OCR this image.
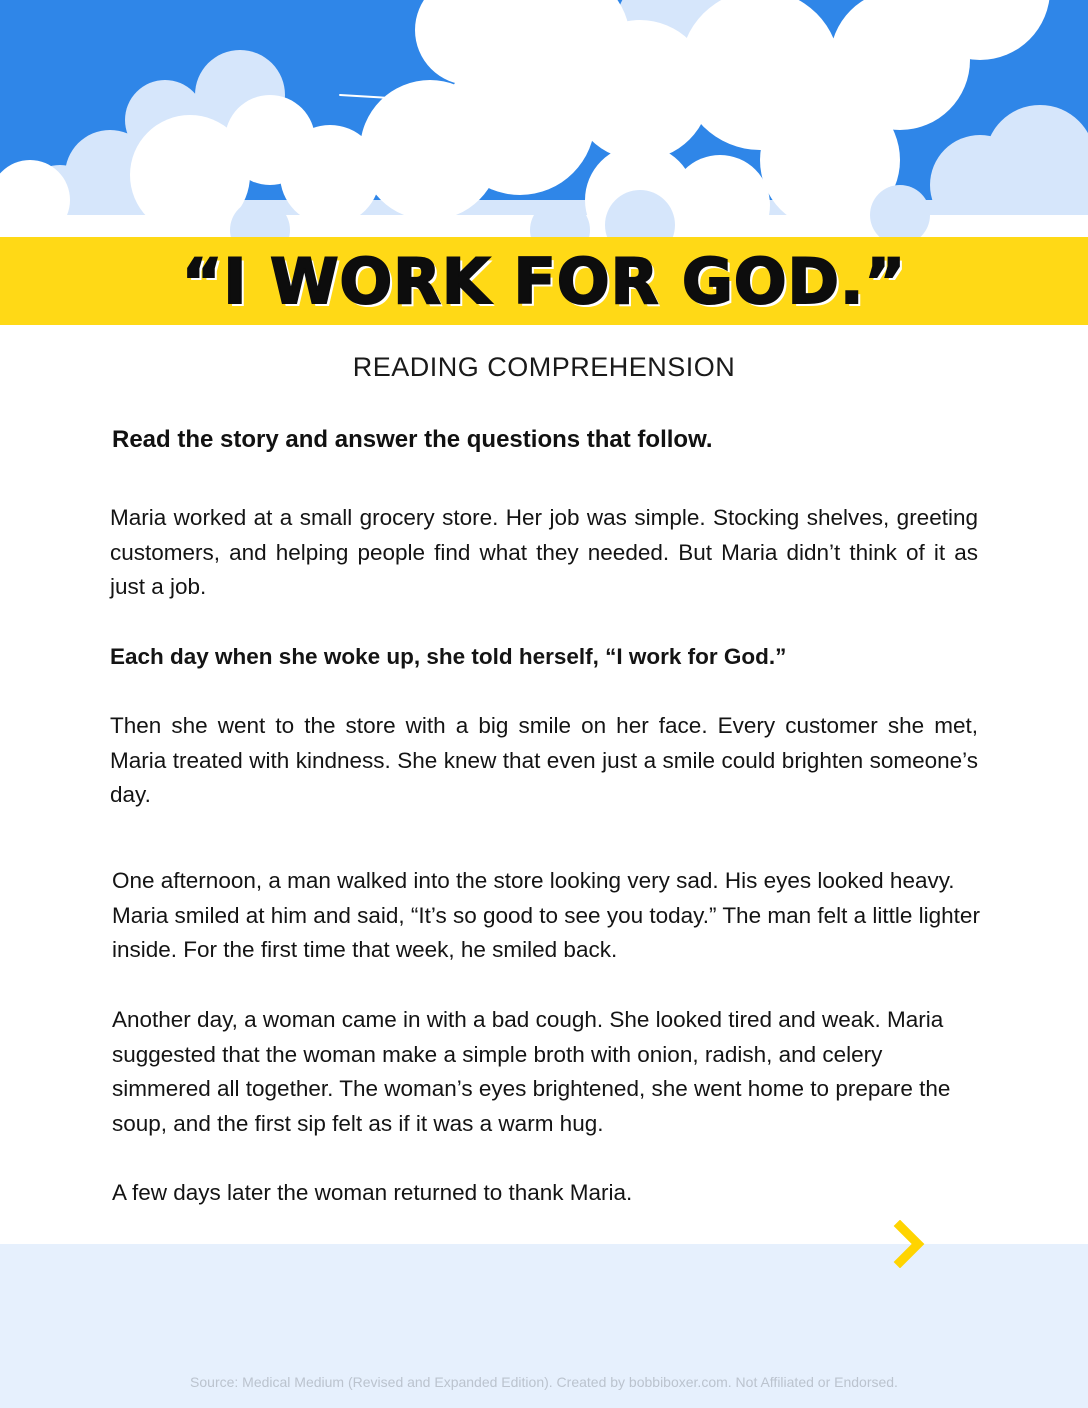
“I WORK FOR GOD.”
READING COMPREHENSION
Read the story and answer the questions that follow.

Maria worked at a small grocery store. Her job was simple. Stocking shelves, greeting customers, and helping people find what they needed. But Maria didn’t think of it as just a job.

Each day when she woke up, she told herself, “I work for God.”

Then she went to the store with a big smile on her face. Every customer she met, Maria treated with kindness. She knew that even just a smile could brighten someone’s day.

One afternoon, a man walked into the store looking very sad. His eyes looked heavy. Maria smiled at him and said, “It’s so good to see you today.” The man felt a little lighter inside. For the first time that week, he smiled back.

Another day, a woman came in with a bad cough. She looked tired and weak. Maria suggested that the woman make a simple broth with onion, radish, and celery simmered all together. The woman’s eyes brightened, she went home to prepare the soup, and the first sip felt as if it was a warm hug.

A few days later the woman returned to thank Maria.

Source: Medical Medium (Revised and Expanded Edition). Created by bobbiboxer.com. Not Affiliated or Endorsed.
